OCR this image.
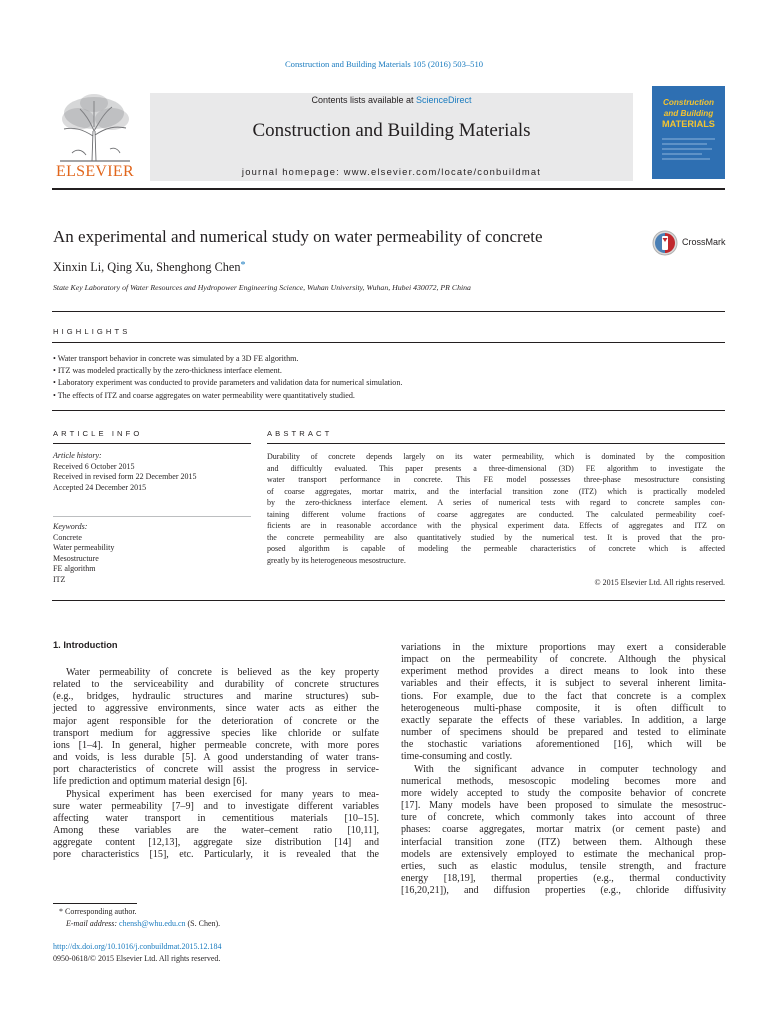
Construction and Building Materials 105 (2016) 503–510
ELSEVIER
Contents lists available at ScienceDirect
Construction and Building Materials
journal homepage: www.elsevier.com/locate/conbuildmat
Construction
and Building
MATERIALS
An experimental and numerical study on water permeability of concrete	CrossMark
Xinxin Li, Qing Xu, Shenghong Chen*
State Key Laboratory of Water Resources and Hydropower Engineering Science, Wuhan University, Wuhan, Hubei 430072, PR China
HIGHLIGHTS
• Water transport behavior in concrete was simulated by a 3D FE algorithm.
• ITZ was modeled practically by the zero-thickness interface element.
• Laboratory experiment was conducted to provide parameters and validation data for numerical simulation.
• The effects of ITZ and coarse aggregates on water permeability were quantitatively studied.
ARTICLE INFO
Article history:
Received 6 October 2015
Received in revised form 22 December 2015
Accepted 24 December 2015
Keywords:
Concrete
Water permeability
Mesostructure
FE algorithm
ITZ
ABSTRACT
Durability of concrete depends largely on its water permeability, which is dominated by the composition
and difficultly evaluated. This paper presents a three-dimensional (3D) FE algorithm to investigate the
water transport performance in concrete. This FE model possesses three-phase mesostructure consisting
of coarse aggregates, mortar matrix, and the interfacial transition zone (ITZ) which is practically modeled
by the zero-thickness interface element. A series of numerical tests with regard to concrete samples con-
taining different volume fractions of coarse aggregates are conducted. The calculated permeability coef-
ficients are in reasonable accordance with the physical experiment data. Effects of aggregates and ITZ on
the concrete permeability are also quantitatively studied by the numerical test. It is proved that the pro-
posed algorithm is capable of modeling the permeable characteristics of concrete which is affected
greatly by its heterogeneous mesostructure.
© 2015 Elsevier Ltd. All rights reserved.
1. Introduction
Water permeability of concrete is believed as the key property
related to the serviceability and durability of concrete structures
(e.g., bridges, hydraulic structures and marine structures) sub-
jected to aggressive environments, since water acts as either the
major agent responsible for the deterioration of concrete or the
transport medium for aggressive species like chloride or sulfate
ions [1–4]. In general, higher permeable concrete, with more pores
and voids, is less durable [5]. A good understanding of water trans-
port characteristics of concrete will assist the progress in service-
life prediction and optimum material design [6].
Physical experiment has been exercised for many years to mea-
sure water permeability [7–9] and to investigate different variables
affecting water transport in cementitious materials [10–15].
Among these variables are the water–cement ratio [10,11],
aggregate content [12,13], aggregate size distribution [14] and
pore characteristics [15], etc. Particularly, it is revealed that the
variations in the mixture proportions may exert a considerable
impact on the permeability of concrete. Although the physical
experiment method provides a direct means to look into these
variables and their effects, it is subject to several inherent limita-
tions. For example, due to the fact that concrete is a complex
heterogeneous multi-phase composite, it is often difficult to
exactly separate the effects of these variables. In addition, a large
number of specimens should be prepared and tested to eliminate
the stochastic variations aforementioned [16], which will be
time-consuming and costly.
With the significant advance in computer technology and
numerical methods, mesoscopic modeling becomes more and
more widely accepted to study the composite behavior of concrete
[17]. Many models have been proposed to simulate the mesostruc-
ture of concrete, which commonly takes into account of three
phases: coarse aggregates, mortar matrix (or cement paste) and
interfacial transition zone (ITZ) between them. Although these
models are extensively employed to estimate the mechanical prop-
erties, such as elastic modulus, tensile strength, and fracture
energy [18,19], thermal properties (e.g., thermal conductivity
[16,20,21]), and diffusion properties (e.g., chloride diffusivity
* Corresponding author.
E-mail address: chensh@whu.edu.cn (S. Chen).
http://dx.doi.org/10.1016/j.conbuildmat.2015.12.184
0950-0618/© 2015 Elsevier Ltd. All rights reserved.
